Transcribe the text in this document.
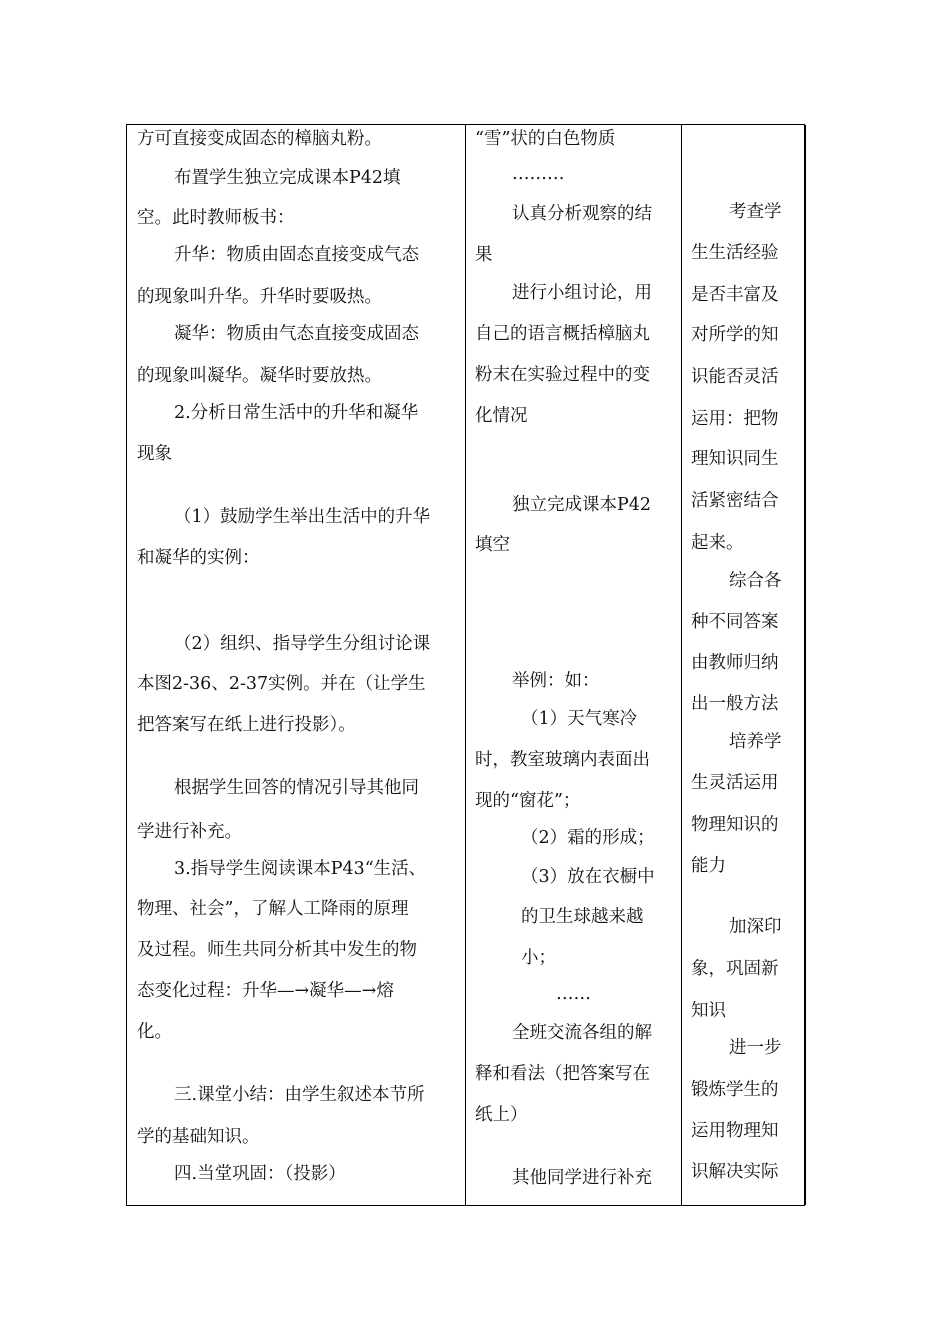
方可直接变成固态的樟脑丸粉。
布置学生独立完成课本P42填
空。此时教师板书：
升华：物质由固态直接变成气态
的现象叫升华。升华时要吸热。
凝华：物质由气态直接变成固态
的现象叫凝华。凝华时要放热。
2.分析日常生活中的升华和凝华
现象
（1）鼓励学生举出生活中的升华
和凝华的实例：
（2）组织、指导学生分组讨论课
本图2-36、2-37实例。并在（让学生
把答案写在纸上进行投影）。
根据学生回答的情况引导其他同
学进行补充。
3.指导学生阅读课本P43“生活、
物理、社会”，了解人工降雨的原理
及过程。师生共同分析其中发生的物
态变化过程：升华—→凝华—→熔
化。
三.课堂小结：由学生叙述本节所
学的基础知识。
四.当堂巩固：（投影）
“雪”状的白色物质
………
认真分析观察的结
果
进行小组讨论，用
自己的语言概括樟脑丸
粉末在实验过程中的变
化情况
独立完成课本P42
填空
举例：如：
（1）天气寒冷
时，教室玻璃内表面出
现的“窗花”；
（2）霜的形成；
（3）放在衣橱中
的卫生球越来越
小；
……
全班交流各组的解
释和看法（把答案写在
纸上）
其他同学进行补充
考查学
生生活经验
是否丰富及
对所学的知
识能否灵活
运用：把物
理知识同生
活紧密结合
起来。
综合各
种不同答案
由教师归纳
出一般方法
培养学
生灵活运用
物理知识的
能力
加深印
象，巩固新
知识
进一步
锻炼学生的
运用物理知
识解决实际
